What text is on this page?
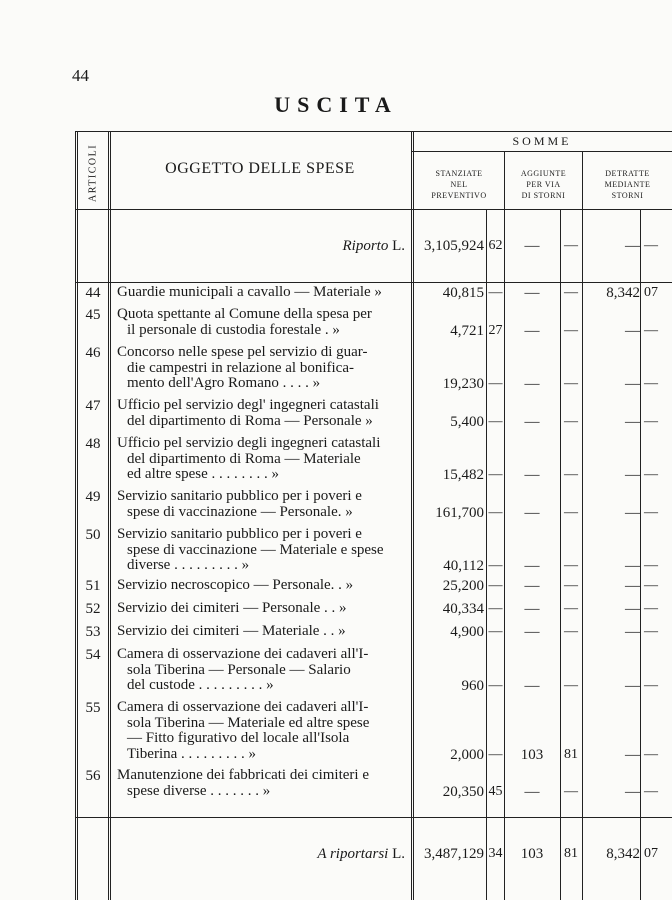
44
USCITA
ARTICOLI	OGGETTO DELLE SPESE
SOMME
STANZIATE
NEL
PREVENTIVO
AGGIUNTE
PER VIA
DI STORNI
DETRATTE
MEDIANTE
STORNI
Riporto L.	3,105,924 62	—	—	— —
44	Guardie municipali a cavallo — Materiale »	40,815 —	—	—	8,342 07
45	Quota spettante al Comune della spesa per
il personale di custodia forestale . »	4,721 27	—	—	— —
46	Concorso nelle spese pel servizio di guar-
die campestri in relazione al bonifica-
mento dell'Agro Romano . . . . »	19,230 —	—	—	— —
47	Ufficio pel servizio degl' ingegneri catastali
del dipartimento di Roma — Personale »	5,400 —	—	—	— —
48	Ufficio pel servizio degli ingegneri catastali
del dipartimento di Roma — Materiale
ed altre spese . . . . . . . . »	15,482 —	—	—	— —
49	Servizio sanitario pubblico per i poveri e
spese di vaccinazione — Personale. »	161,700 —	—	—	— —
50	Servizio sanitario pubblico per i poveri e
spese di vaccinazione — Materiale e spese
diverse . . . . . . . . . »	40,112 —	—	—	— —
51	Servizio necroscopico — Personale. . »	25,200 —	—	—	— —
52	Servizio dei cimiteri — Personale . . »	40,334 —	—	—	— —
53	Servizio dei cimiteri — Materiale . . »	4,900 —	—	—	— —
54	Camera di osservazione dei cadaveri all'I-
sola Tiberina — Personale — Salario
del custode . . . . . . . . . »	960 —	—	—	— —
55	Camera di osservazione dei cadaveri all'I-
sola Tiberina — Materiale ed altre spese
— Fitto figurativo del locale all'Isola
Tiberina . . . . . . . . . »	2,000 —	103	81	— —
56	Manutenzione dei fabbricati dei cimiteri e
spese diverse . . . . . . . »	20,350 45	—	—	— —
A riportarsi L.	3,487,129 34	103	81	8,342 07
